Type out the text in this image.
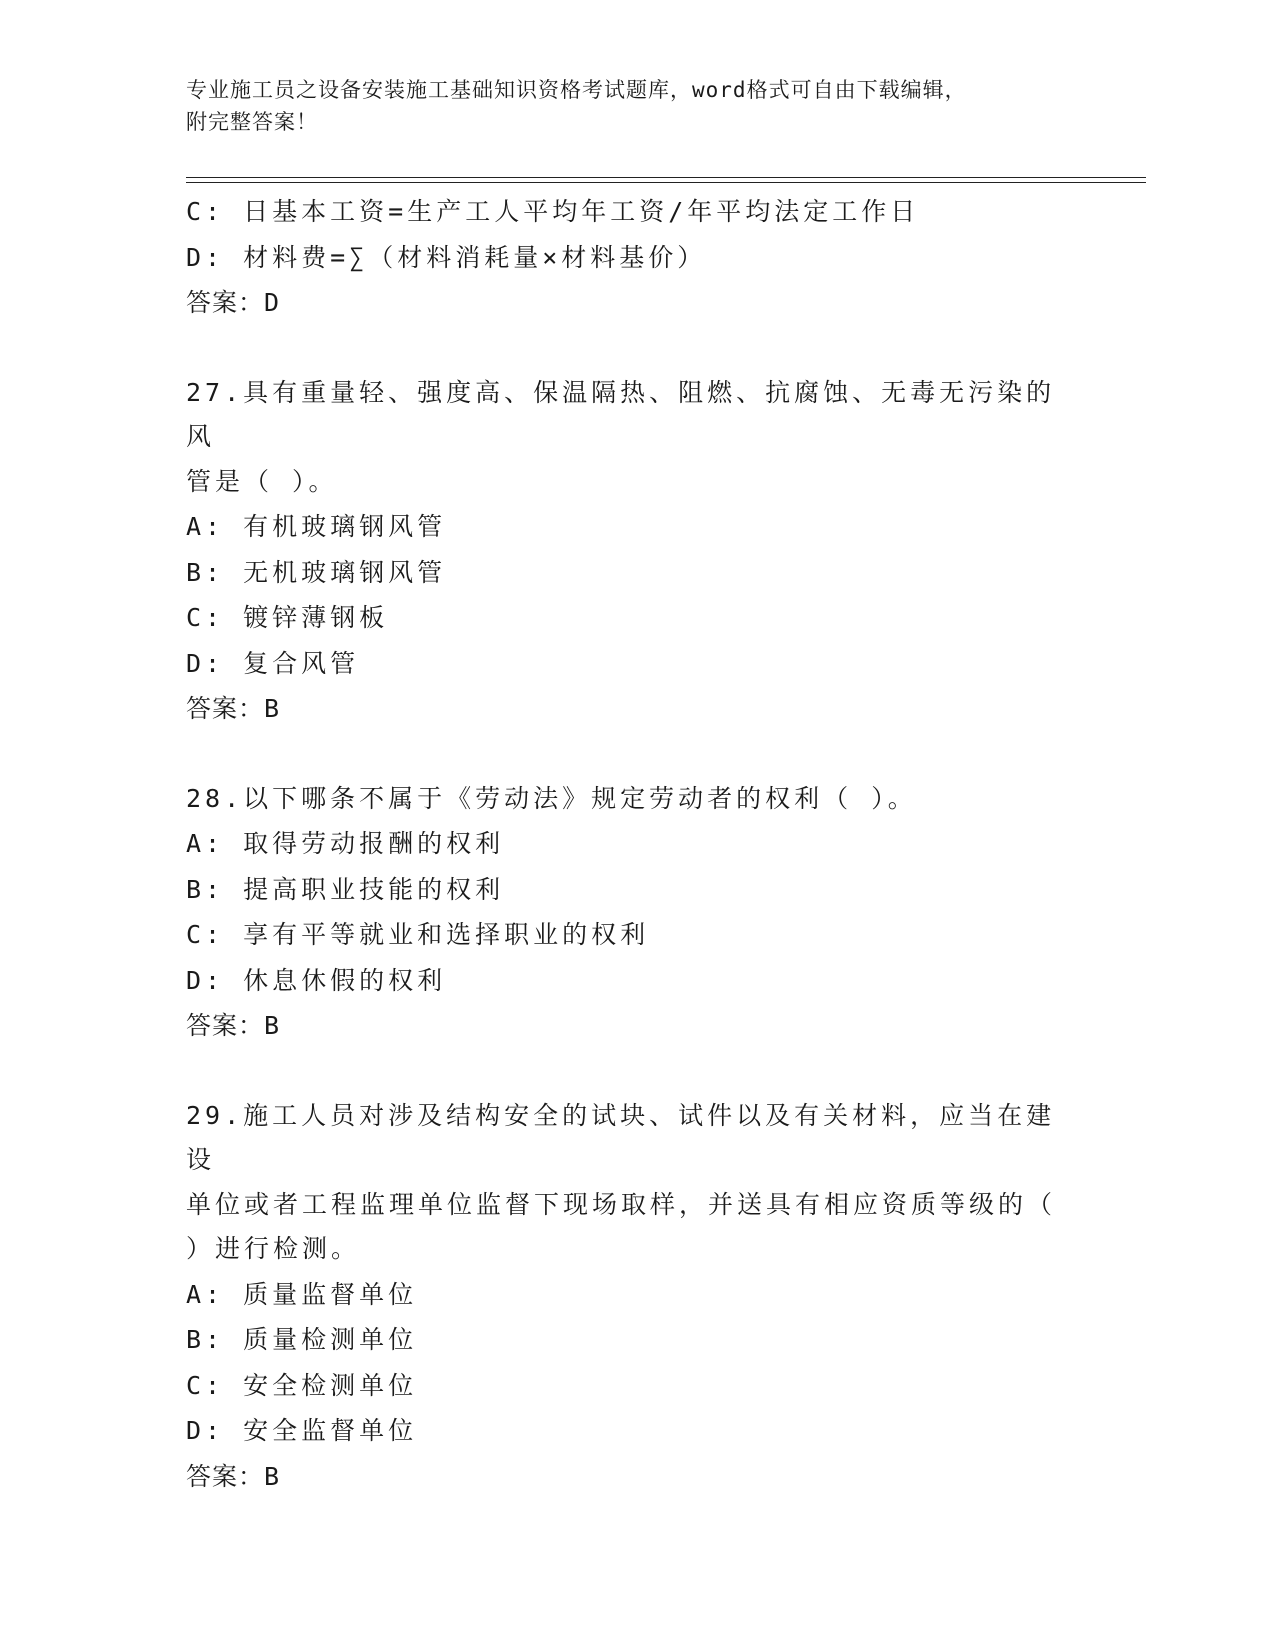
专业施工员之设备安装施工基础知识资格考试题库，word格式可自由下载编辑，
附完整答案！
C: 日基本工资=生产工人平均年工资/年平均法定工作日
D: 材料费=∑（材料消耗量×材料基价）
答案：D
27.具有重量轻、强度高、保温隔热、阻燃、抗腐蚀、无毒无污染的风
管是（ ）。
A: 有机玻璃钢风管
B: 无机玻璃钢风管
C: 镀锌薄钢板
D: 复合风管
答案：B
28.以下哪条不属于《劳动法》规定劳动者的权利（ ）。
A: 取得劳动报酬的权利
B: 提高职业技能的权利
C: 享有平等就业和选择职业的权利
D: 休息休假的权利
答案：B
29.施工人员对涉及结构安全的试块、试件以及有关材料，应当在建设
单位或者工程监理单位监督下现场取样，并送具有相应资质等级的（
）进行检测。
A: 质量监督单位
B: 质量检测单位
C: 安全检测单位
D: 安全监督单位
答案：B
